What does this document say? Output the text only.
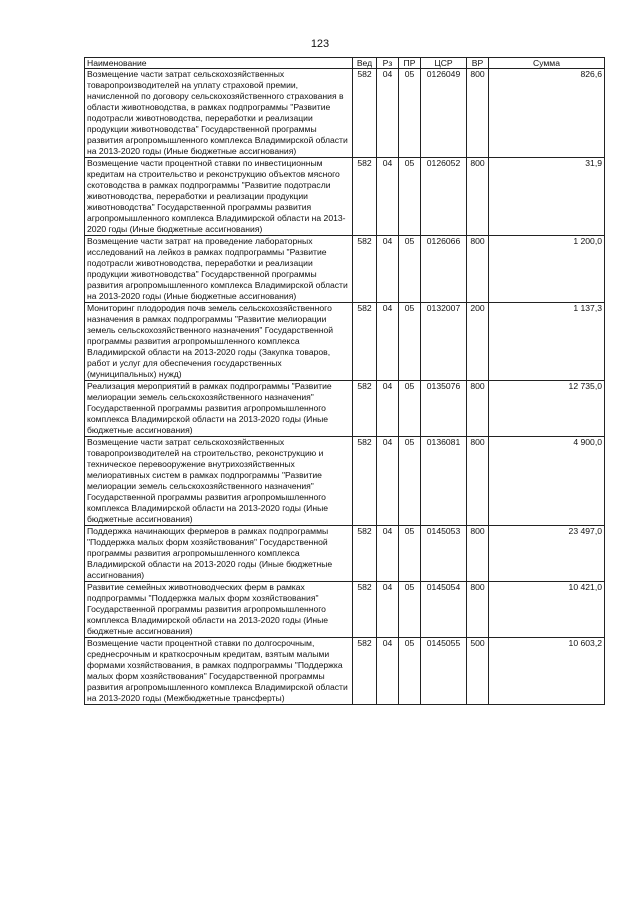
123
Наименование	Вед	Рз	ПР	ЦСР	ВР	Сумма
Возмещение части затрат сельскохозяйственных товаропроизводителей на уплату страховой премии, начисленной по договору сельскохозяйственного страхования в области животноводства, в рамках подпрограммы "Развитие подотрасли животноводства, переработки и реализации продукции животноводства" Государственной программы развития агропромышленного комплекса Владимирской области на 2013-2020 годы (Иные бюджетные ассигнования)	582	04	05	0126049	800	826,6
Возмещение части процентной ставки по инвестиционным кредитам на строительство и реконструкцию объектов мясного скотоводства в рамках подпрограммы "Развитие подотрасли животноводства, переработки и реализации продукции животноводства" Государственной программы развития агропромышленного комплекса Владимирской области на 2013-2020 годы (Иные бюджетные ассигнования)	582	04	05	0126052	800	31,9
Возмещение части затрат на проведение лабораторных исследований на лейкоз в рамках подпрограммы "Развитие подотрасли животноводства, переработки и реализации продукции животноводства" Государственной программы развития агропромышленного комплекса Владимирской области на 2013-2020 годы (Иные бюджетные ассигнования)	582	04	05	0126066	800	1 200,0
Мониторинг плодородия почв земель сельскохозяйственного назначения в рамках подпрограммы "Развитие мелиорации земель сельскохозяйственного назначения" Государственной программы развития агропромышленного комплекса Владимирской области на 2013-2020 годы (Закупка товаров, работ и услуг для обеспечения государственных (муниципальных) нужд)	582	04	05	0132007	200	1 137,3
Реализация мероприятий в рамках подпрограммы "Развитие мелиорации земель сельскохозяйственного назначения" Государственной программы развития агропромышленного комплекса Владимирской области на 2013-2020 годы (Иные бюджетные ассигнования)	582	04	05	0135076	800	12 735,0
Возмещение части затрат сельскохозяйственных товаропроизводителей на строительство, реконструкцию и техническое перевооружение внутрихозяйственных мелиоративных систем в рамках подпрограммы "Развитие мелиорации земель сельскохозяйственного назначения" Государственной программы развития агропромышленного комплекса Владимирской области на 2013-2020 годы (Иные бюджетные ассигнования)	582	04	05	0136081	800	4 900,0
Поддержка начинающих фермеров в рамках подпрограммы "Поддержка малых форм хозяйствования" Государственной программы развития агропромышленного комплекса Владимирской области на 2013-2020 годы (Иные бюджетные ассигнования)	582	04	05	0145053	800	23 497,0
Развитие семейных животноводческих ферм в рамках подпрограммы "Поддержка малых форм хозяйствования" Государственной программы развития агропромышленного комплекса Владимирской области на 2013-2020 годы (Иные бюджетные ассигнования)	582	04	05	0145054	800	10 421,0
Возмещение части процентной ставки по долгосрочным, среднесрочным и краткосрочным кредитам, взятым малыми формами хозяйствования, в рамках подпрограммы "Поддержка малых форм хозяйствования" Государственной программы развития агропромышленного комплекса Владимирской области на 2013-2020 годы (Межбюджетные трансферты)	582	04	05	0145055	500	10 603,2
